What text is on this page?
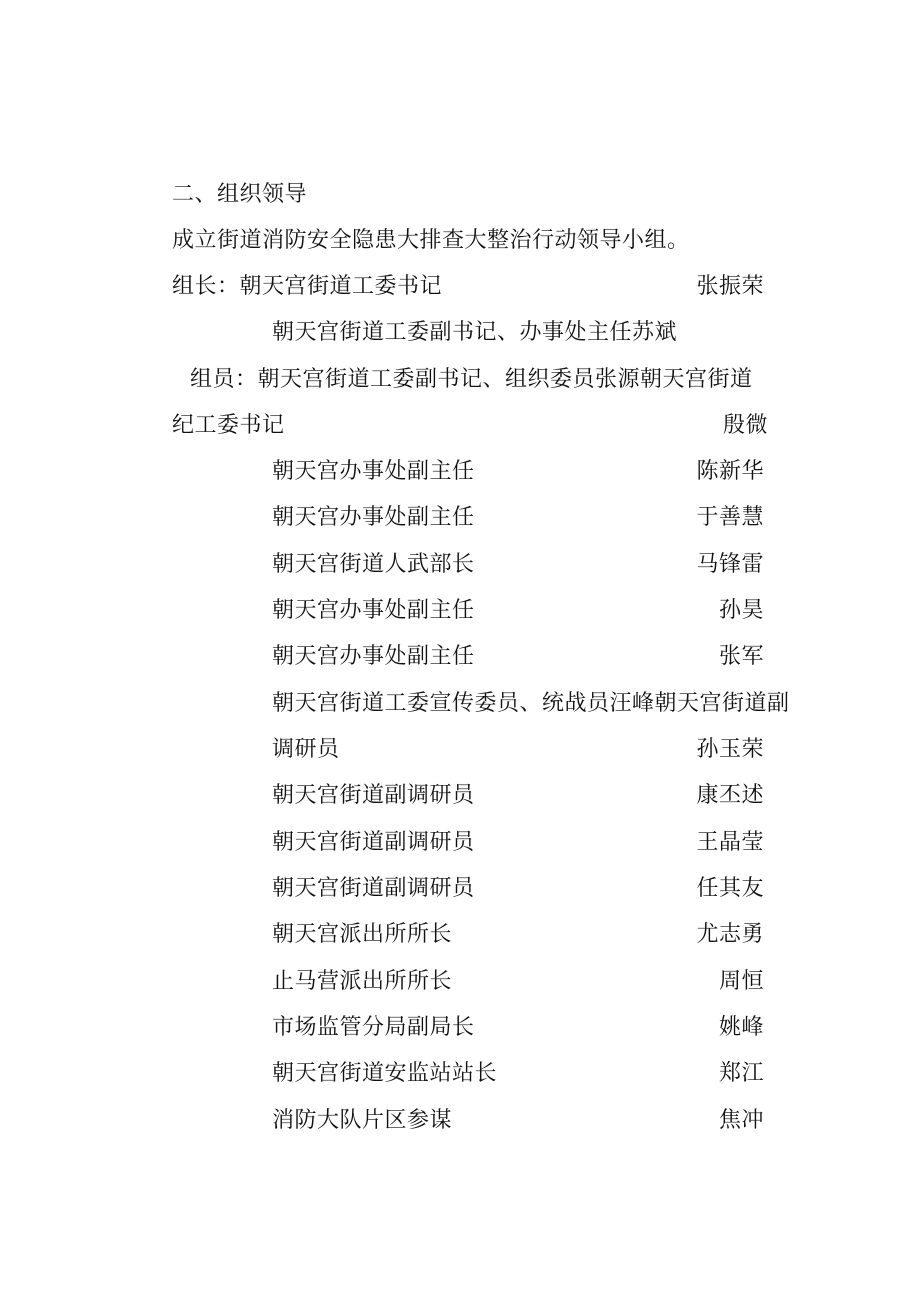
二、组织领导
成立街道消防安全隐患大排查大整治行动领导小组。
组长：朝天宫街道工委书记	张振荣
朝天宫街道工委副书记、办事处主任苏斌
组员：朝天宫街道工委副书记、组织委员张源朝天宫街道
纪工委书记	殷微
朝天宫办事处副主任	陈新华
朝天宫办事处副主任	于善慧
朝天宫街道人武部长	马锋雷
朝天宫办事处副主任	孙昊
朝天宫办事处副主任	张军
朝天宫街道工委宣传委员、统战员汪峰朝天宫街道副
调研员	孙玉荣
朝天宫街道副调研员	康丕述
朝天宫街道副调研员	王晶莹
朝天宫街道副调研员	任其友
朝天宫派出所所长	尤志勇
止马营派出所所长	周恒
市场监管分局副局长	姚峰
朝天宫街道安监站站长	郑江
消防大队片区参谋	焦冲
